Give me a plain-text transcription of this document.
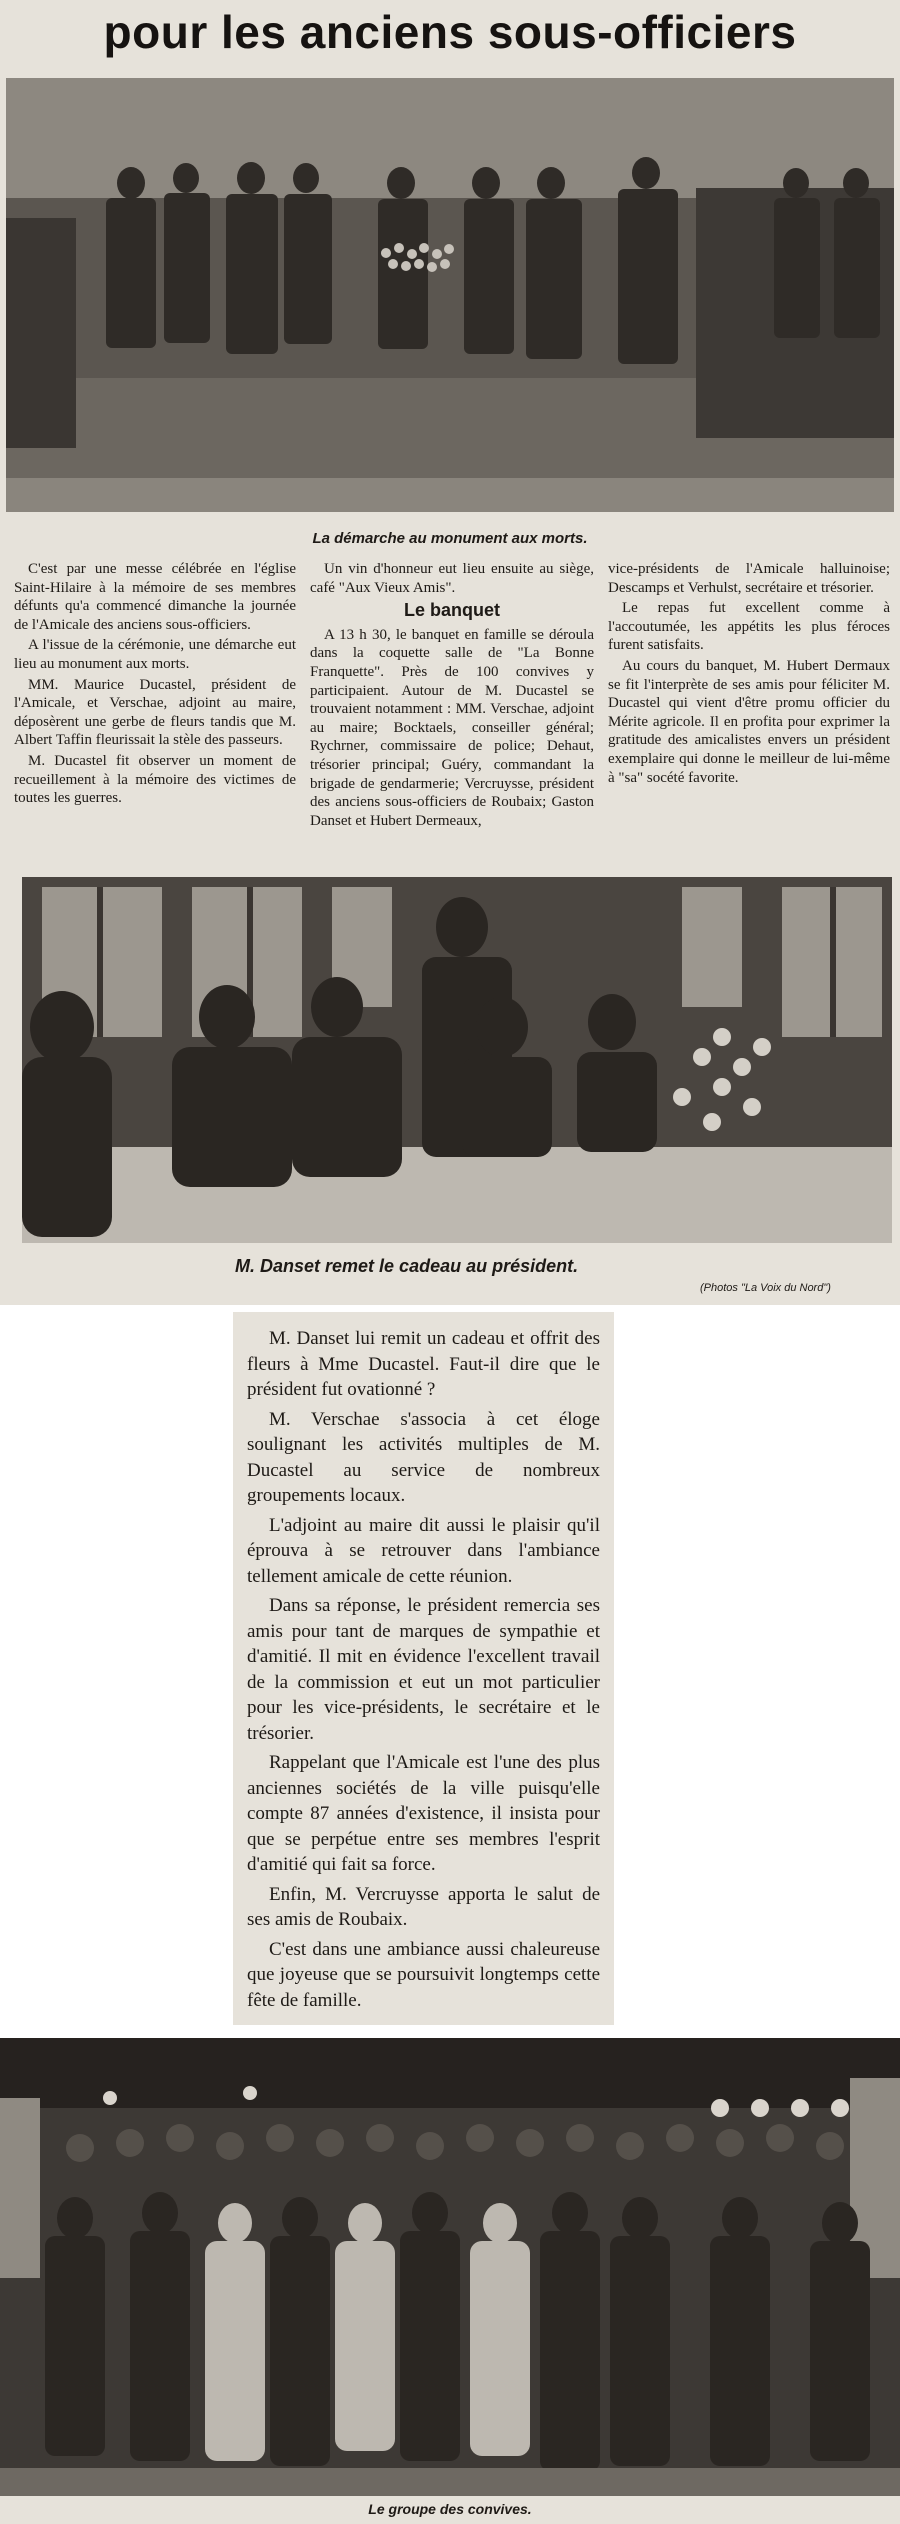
pour les anciens sous-officiers
La démarche au monument aux morts.

C'est par une messe célébrée en l'église Saint-Hilaire à la mémoire de ses membres défunts qu'a commencé dimanche la journée de l'Amicale des anciens sous-officiers.

A l'issue de la cérémonie, une démarche eut lieu au monument aux morts.

MM. Maurice Ducastel, président de l'Amicale, et Verschae, adjoint au maire, déposèrent une gerbe de fleurs tandis que M. Albert Taffin fleurissait la stèle des passeurs.

M. Ducastel fit observer un moment de recueillement à la mémoire des victimes de toutes les guerres.

Un vin d'honneur eut lieu ensuite au siège, café "Aux Vieux Amis".

Le banquet

A 13 h 30, le banquet en famille se déroula dans la coquette salle de "La Bonne Franquette". Près de 100 convives y participaient. Autour de M. Ducastel se trouvaient notamment : MM. Verschae, adjoint au maire; Bocktaels, conseiller général; Rychrner, commissaire de police; Dehaut, trésorier principal; Guéry, commandant la brigade de gendarmerie; Vercruysse, président des anciens sous-officiers de Roubaix; Gaston Danset et Hubert Dermeaux,

vice-présidents de l'Amicale halluinoise; Descamps et Verhulst, secrétaire et trésorier.

Le repas fut excellent comme à l'accoutumée, les appétits les plus féroces furent satisfaits.

Au cours du banquet, M. Hubert Dermaux se fit l'interprète de ses amis pour féliciter M. Ducastel qui vient d'être promu officier du Mérite agricole. Il en profita pour exprimer la gratitude des amicalistes envers un président exemplaire qui donne le meilleur de lui-même à "sa" socété favorite.

M. Danset remet le cadeau au président.
(Photos "La Voix du Nord")

M. Danset lui remit un cadeau et offrit des fleurs à Mme Ducastel. Faut-il dire que le président fut ovationné ?

M. Verschae s'associa à cet éloge soulignant les activités multiples de M. Ducastel au service de nombreux groupements locaux.

L'adjoint au maire dit aussi le plaisir qu'il éprouva à se retrouver dans l'ambiance tellement amicale de cette réunion.

Dans sa réponse, le président remercia ses amis pour tant de marques de sympathie et d'amitié. Il mit en évidence l'excellent travail de la commission et eut un mot particulier pour les vice-présidents, le secrétaire et le trésorier.

Rappelant que l'Amicale est l'une des plus anciennes sociétés de la ville puisqu'elle compte 87 années d'existence, il insista pour que se perpétue entre ses membres l'esprit d'amitié qui fait sa force.

Enfin, M. Vercruysse apporta le salut de ses amis de Roubaix.

C'est dans une ambiance aussi chaleureuse que joyeuse que se poursuivit longtemps cette fête de famille.

Le groupe des convives.
